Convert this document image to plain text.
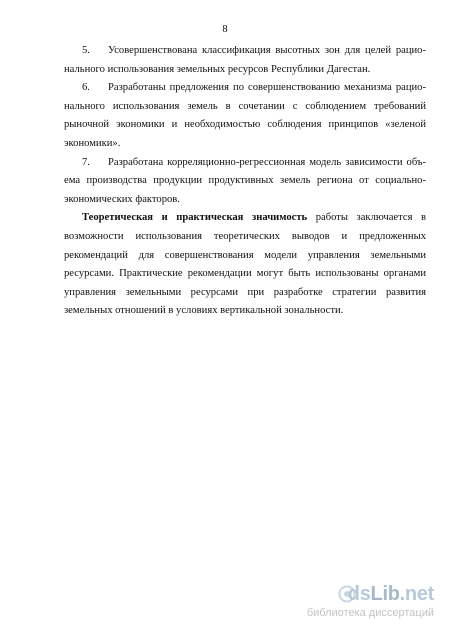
8
5. Усовершенствована классификация высотных зон для целей рацио-
нального использования земельных ресурсов Республики Дагестан.
6. Разработаны предложения по совершенствованию механизма рацио-
нального использования земель в сочетании с соблюдением требований
рыночной экономики и необходимостью соблюдения принципов «зеленой
экономики».
7. Разработана корреляционно-регрессионная модель зависимости объ-
ема производства продукции продуктивных земель региона от социально-
экономических факторов.
Теоретическая и практическая значимость работы заключается в
возможности использования теоретических выводов и предложенных
рекомендаций для совершенствования модели управления земельными
ресурсами. Практические рекомендации могут быть использованы органами
управления земельными ресурсами при разработке стратегии развития
земельных отношений в условиях вертикальной зональности.
dsLib.net
библиотека диссертаций
